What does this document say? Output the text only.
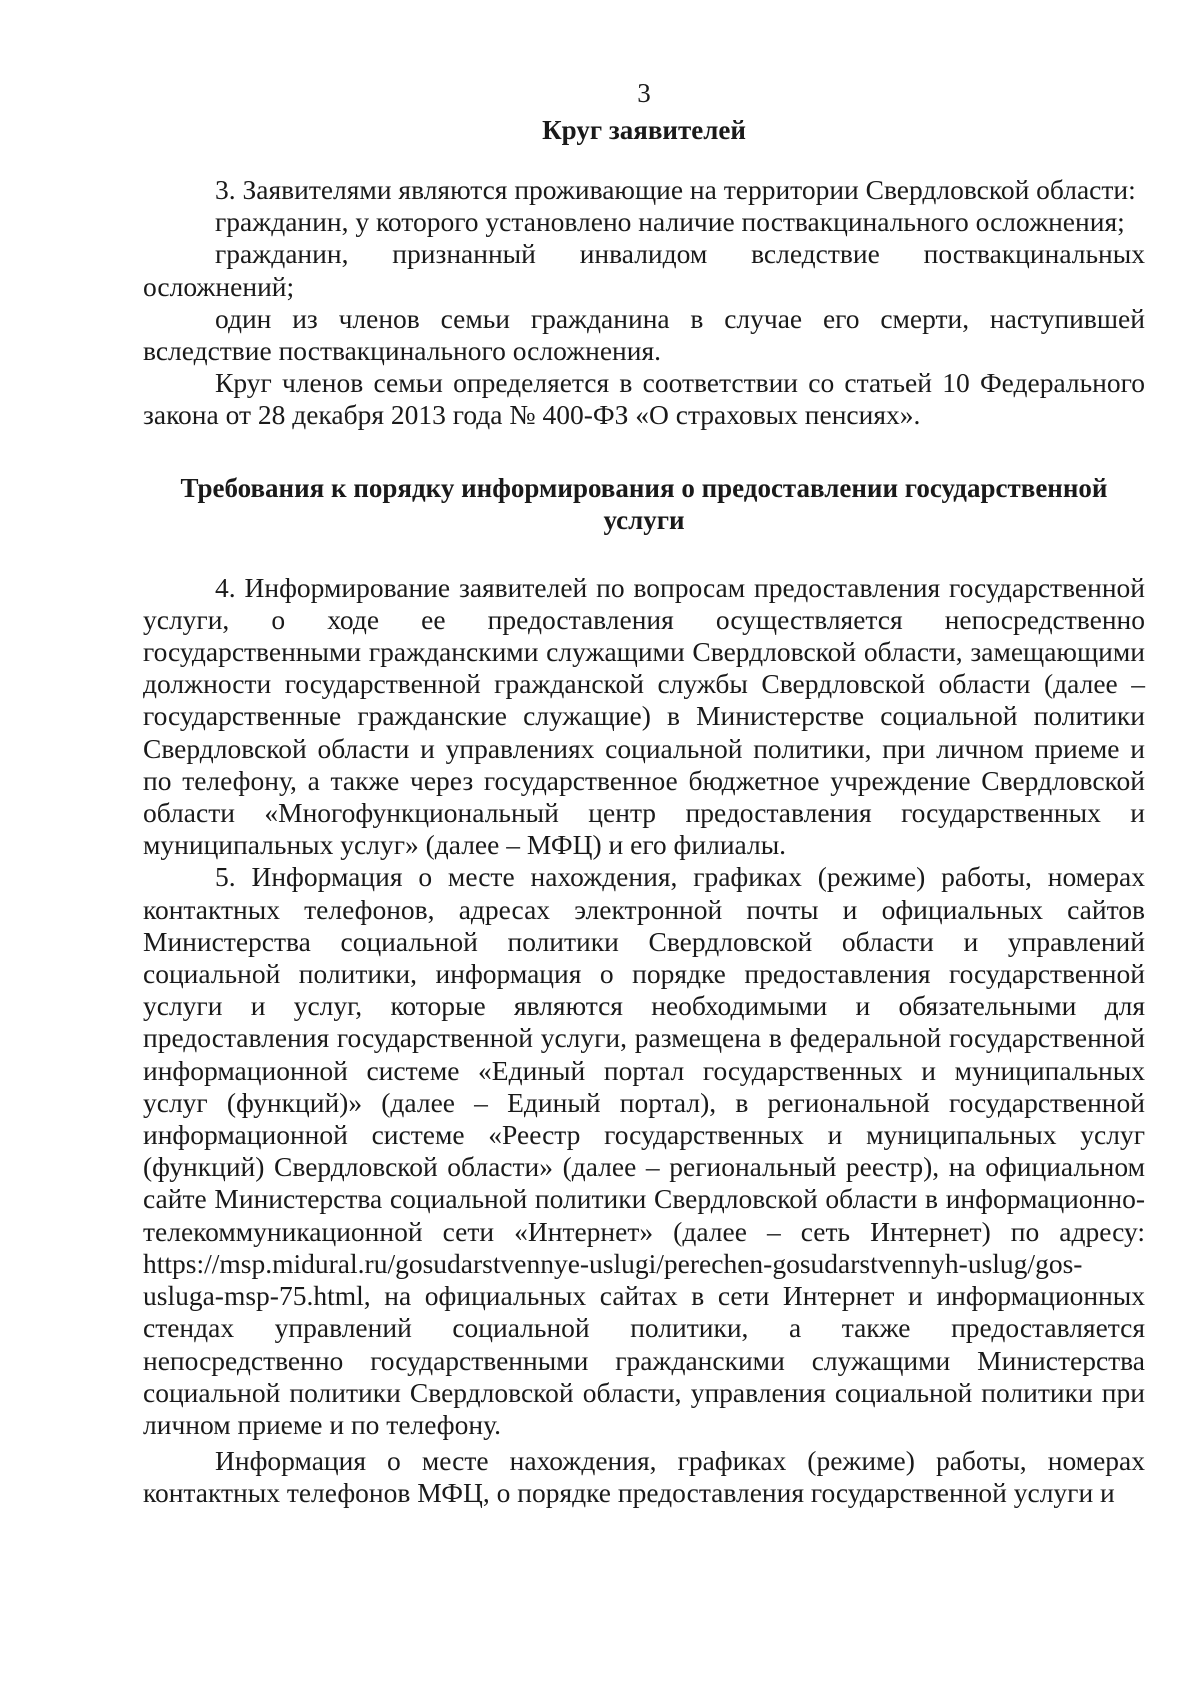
3

Круг заявителей

3. Заявителями являются проживающие на территории Свердловской области:

гражданин, у которого установлено наличие поствакцинального осложнения;

гражданин, признанный инвалидом вследствие поствакцинальных осложнений;

один из членов семьи гражданина в случае его смерти, наступившей вследствие поствакцинального осложнения.

Круг членов семьи определяется в соответствии со статьей 10 Федерального закона от 28 декабря 2013 года № 400-ФЗ «О страховых пенсиях».

Требования к порядку информирования о предоставлении государственной услуги

4. Информирование заявителей по вопросам предоставления государственной услуги, о ходе ее предоставления осуществляется непосредственно государственными гражданскими служащими Свердловской области, замещающими должности государственной гражданской службы Свердловской области (далее – государственные гражданские служащие) в Министерстве социальной политики Свердловской области и управлениях социальной политики, при личном приеме и по телефону, а также через государственное бюджетное учреждение Свердловской области «Многофункциональный центр предоставления государственных и муниципальных услуг» (далее – МФЦ) и его филиалы.

5. Информация о месте нахождения, графиках (режиме) работы, номерах контактных телефонов, адресах электронной почты и официальных сайтов Министерства социальной политики Свердловской области и управлений социальной политики, информация о порядке предоставления государственной услуги и услуг, которые являются необходимыми и обязательными для предоставления государственной услуги, размещена в федеральной государственной информационной системе «Единый портал государственных и муниципальных услуг (функций)» (далее – Единый портал), в региональной государственной информационной системе «Реестр государственных и муниципальных услуг (функций) Свердловской области» (далее – региональный реестр), на официальном сайте Министерства социальной политики Свердловской области в информационно-телекоммуникационной сети «Интернет» (далее – сеть Интернет) по адресу: https://msp.midural.ru/gosudarstvennye-uslugi/perechen-gosudarstvennyh-uslug/gos-usluga-msp-75.html, на официальных сайтах в сети Интернет и информационных стендах управлений социальной политики, а также предоставляется непосредственно государственными гражданскими служащими Министерства социальной политики Свердловской области, управления социальной политики при личном приеме и по телефону.

Информация о месте нахождения, графиках (режиме) работы, номерах контактных телефонов МФЦ, о порядке предоставления государственной услуги и
